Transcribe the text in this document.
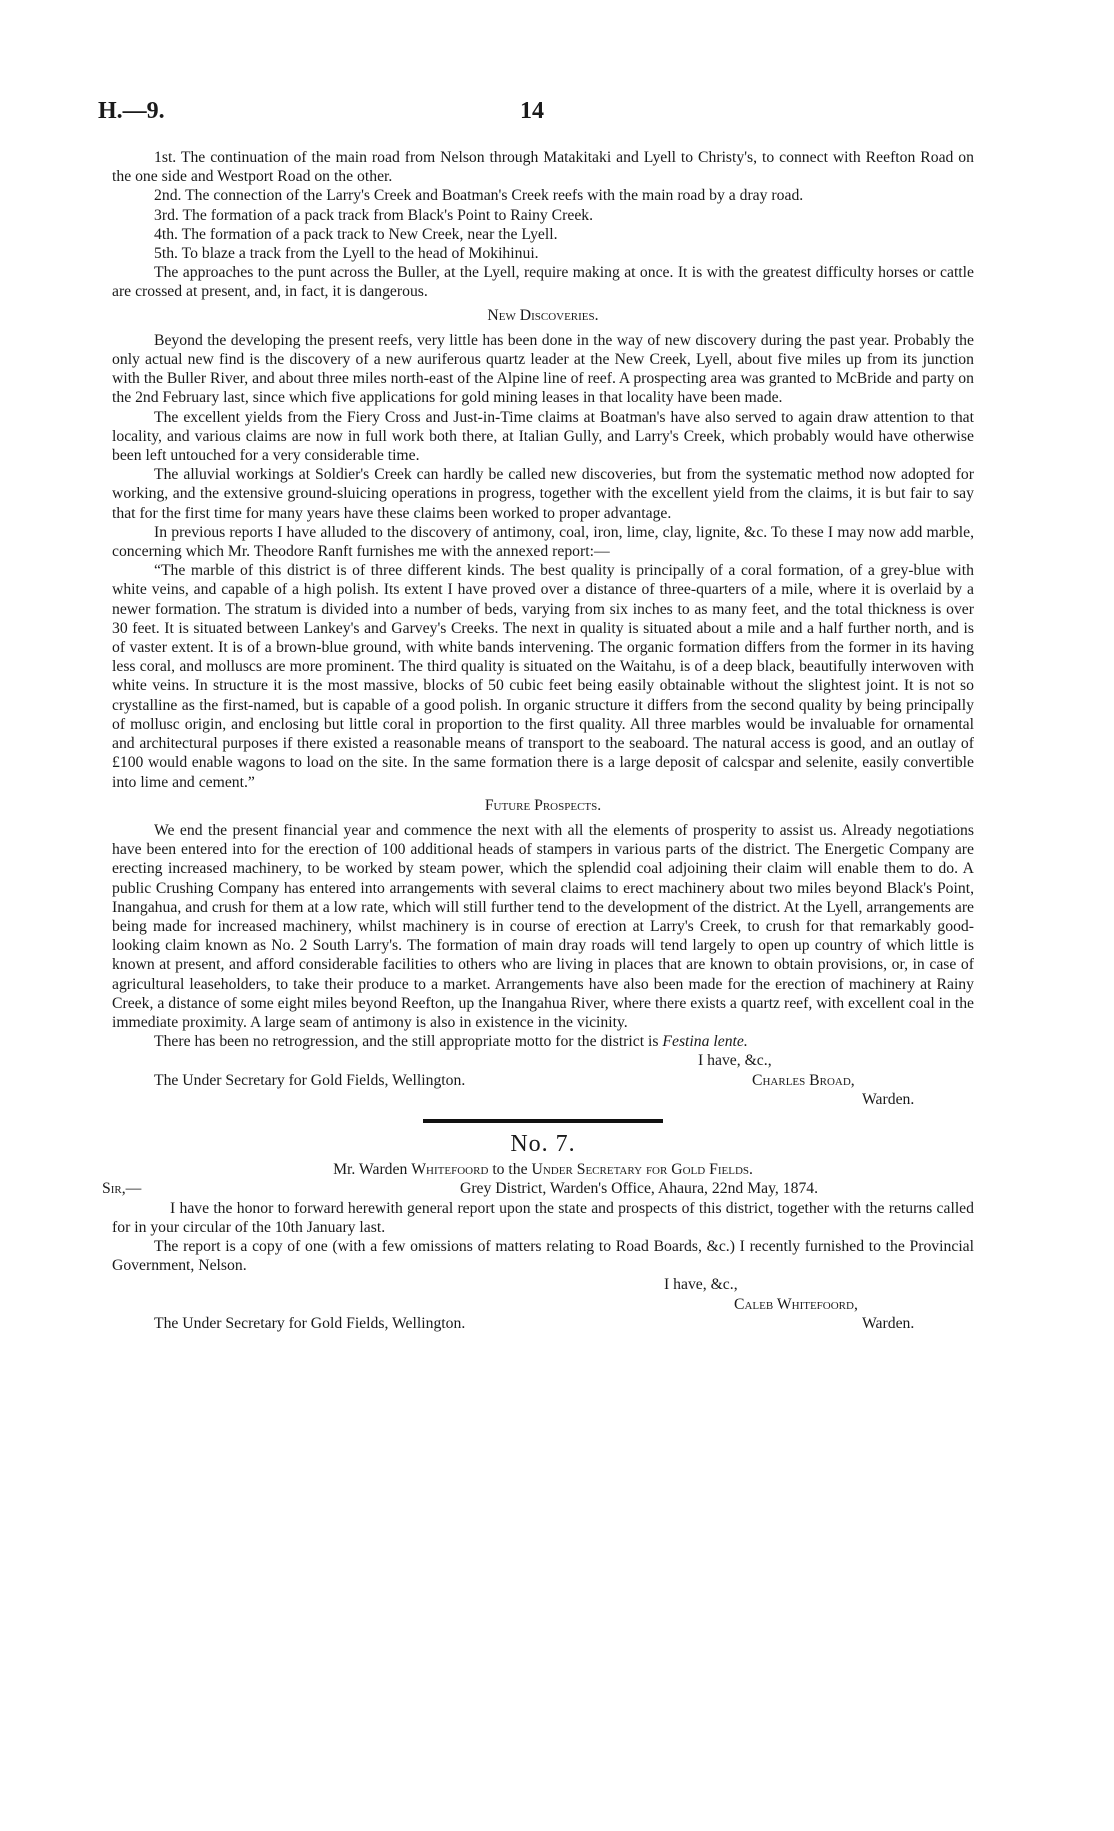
H.—9.	14

1st. The continuation of the main road from Nelson through Matakitaki and Lyell to Christy's, to connect with Reefton Road on the one side and Westport Road on the other.

2nd. The connection of the Larry's Creek and Boatman's Creek reefs with the main road by a dray road.

3rd. The formation of a pack track from Black's Point to Rainy Creek.

4th. The formation of a pack track to New Creek, near the Lyell.

5th. To blaze a track from the Lyell to the head of Mokihinui.

The approaches to the punt across the Buller, at the Lyell, require making at once. It is with the greatest difficulty horses or cattle are crossed at present, and, in fact, it is dangerous.

New Discoveries.

Beyond the developing the present reefs, very little has been done in the way of new discovery during the past year. Probably the only actual new find is the discovery of a new auriferous quartz leader at the New Creek, Lyell, about five miles up from its junction with the Buller River, and about three miles north-east of the Alpine line of reef. A prospecting area was granted to McBride and party on the 2nd February last, since which five applications for gold mining leases in that locality have been made.

The excellent yields from the Fiery Cross and Just-in-Time claims at Boatman's have also served to again draw attention to that locality, and various claims are now in full work both there, at Italian Gully, and Larry's Creek, which probably would have otherwise been left untouched for a very considerable time.

The alluvial workings at Soldier's Creek can hardly be called new discoveries, but from the systematic method now adopted for working, and the extensive ground-sluicing operations in progress, together with the excellent yield from the claims, it is but fair to say that for the first time for many years have these claims been worked to proper advantage.

In previous reports I have alluded to the discovery of antimony, coal, iron, lime, clay, lignite, &c. To these I may now add marble, concerning which Mr. Theodore Ranft furnishes me with the annexed report:—

“The marble of this district is of three different kinds. The best quality is principally of a coral formation, of a grey-blue with white veins, and capable of a high polish. Its extent I have proved over a distance of three-quarters of a mile, where it is overlaid by a newer formation. The stratum is divided into a number of beds, varying from six inches to as many feet, and the total thickness is over 30 feet. It is situated between Lankey's and Garvey's Creeks. The next in quality is situated about a mile and a half further north, and is of vaster extent. It is of a brown-blue ground, with white bands intervening. The organic formation differs from the former in its having less coral, and molluscs are more prominent. The third quality is situated on the Waitahu, is of a deep black, beautifully interwoven with white veins. In structure it is the most massive, blocks of 50 cubic feet being easily obtainable without the slightest joint. It is not so crystalline as the first-named, but is capable of a good polish. In organic structure it differs from the second quality by being principally of mollusc origin, and enclosing but little coral in proportion to the first quality. All three marbles would be invaluable for ornamental and architectural purposes if there existed a reasonable means of transport to the seaboard. The natural access is good, and an outlay of £100 would enable wagons to load on the site. In the same formation there is a large deposit of calcspar and selenite, easily convertible into lime and cement.”

Future Prospects.

We end the present financial year and commence the next with all the elements of prosperity to assist us. Already negotiations have been entered into for the erection of 100 additional heads of stampers in various parts of the district. The Energetic Company are erecting increased machinery, to be worked by steam power, which the splendid coal adjoining their claim will enable them to do. A public Crushing Company has entered into arrangements with several claims to erect machinery about two miles beyond Black's Point, Inangahua, and crush for them at a low rate, which will still further tend to the development of the district. At the Lyell, arrangements are being made for increased machinery, whilst machinery is in course of erection at Larry's Creek, to crush for that remarkably good-looking claim known as No. 2 South Larry's. The formation of main dray roads will tend largely to open up country of which little is known at present, and afford considerable facilities to others who are living in places that are known to obtain provisions, or, in case of agricultural leaseholders, to take their produce to a market. Arrangements have also been made for the erection of machinery at Rainy Creek, a distance of some eight miles beyond Reefton, up the Inangahua River, where there exists a quartz reef, with excellent coal in the immediate proximity. A large seam of antimony is also in existence in the vicinity.

There has been no retrogression, and the still appropriate motto for the district is Festina lente.

I have, &c.,
The Under Secretary for Gold Fields, Wellington.	Charles Broad,
Warden.
No. 7.

Mr. Warden Whitefoord to the Under Secretary for Gold Fields.

Sir,—	Grey District, Warden's Office, Ahaura, 22nd May, 1874.

I have the honor to forward herewith general report upon the state and prospects of this district, together with the returns called for in your circular of the 10th January last.

The report is a copy of one (with a few omissions of matters relating to Road Boards, &c.) I recently furnished to the Provincial Government, Nelson.

I have, &c.,
Caleb Whitefoord,
The Under Secretary for Gold Fields, Wellington.	Warden.
